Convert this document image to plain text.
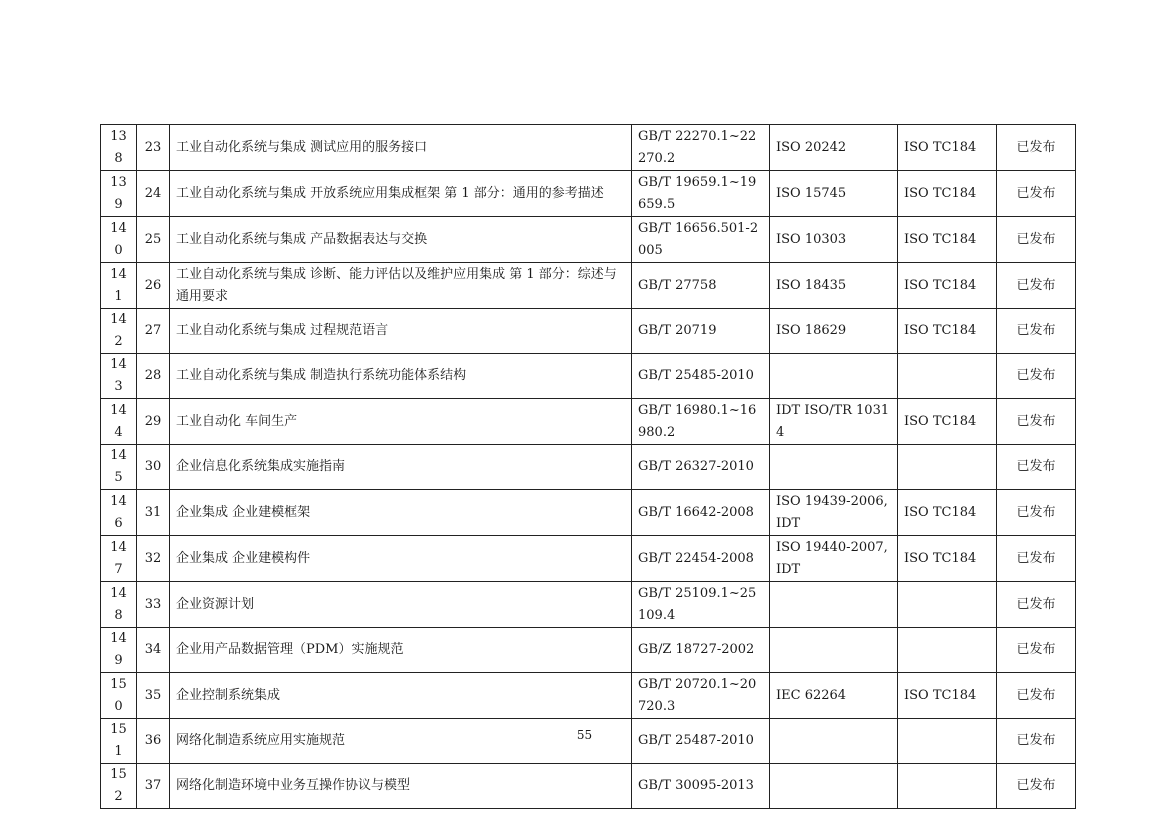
138	23	工业自动化系统与集成 测试应用的服务接口	GB/T 22270.1~22270.2	ISO 20242	ISO TC184	已发布
139	24	工业自动化系统与集成 开放系统应用集成框架 第 1 部分：通用的参考描述	GB/T 19659.1~19659.5	ISO 15745	ISO TC184	已发布
140	25	工业自动化系统与集成 产品数据表达与交换	GB/T 16656.501-2005	ISO 10303	ISO TC184	已发布
141	26	工业自动化系统与集成 诊断、能力评估以及维护应用集成 第 1 部分：综述与通用要求	GB/T 27758	ISO 18435	ISO TC184	已发布
142	27	工业自动化系统与集成 过程规范语言	GB/T 20719	ISO 18629	ISO TC184	已发布
143	28	工业自动化系统与集成 制造执行系统功能体系结构	GB/T 25485-2010			已发布
144	29	工业自动化 车间生产	GB/T 16980.1~16980.2	IDT ISO/TR 10314	ISO TC184	已发布
145	30	企业信息化系统集成实施指南	GB/T 26327-2010			已发布
146	31	企业集成 企业建模框架	GB/T 16642-2008	ISO 19439-2006,IDT	ISO TC184	已发布
147	32	企业集成 企业建模构件	GB/T 22454-2008	ISO 19440-2007,IDT	ISO TC184	已发布
148	33	企业资源计划	GB/T 25109.1~25109.4			已发布
149	34	企业用产品数据管理（PDM）实施规范	GB/Z 18727-2002			已发布
150	35	企业控制系统集成	GB/T 20720.1~20720.3	IEC 62264	ISO TC184	已发布
151	36	网络化制造系统应用实施规范	GB/T 25487-2010			已发布
152	37	网络化制造环境中业务互操作协议与模型	GB/T 30095-2013			已发布
55
